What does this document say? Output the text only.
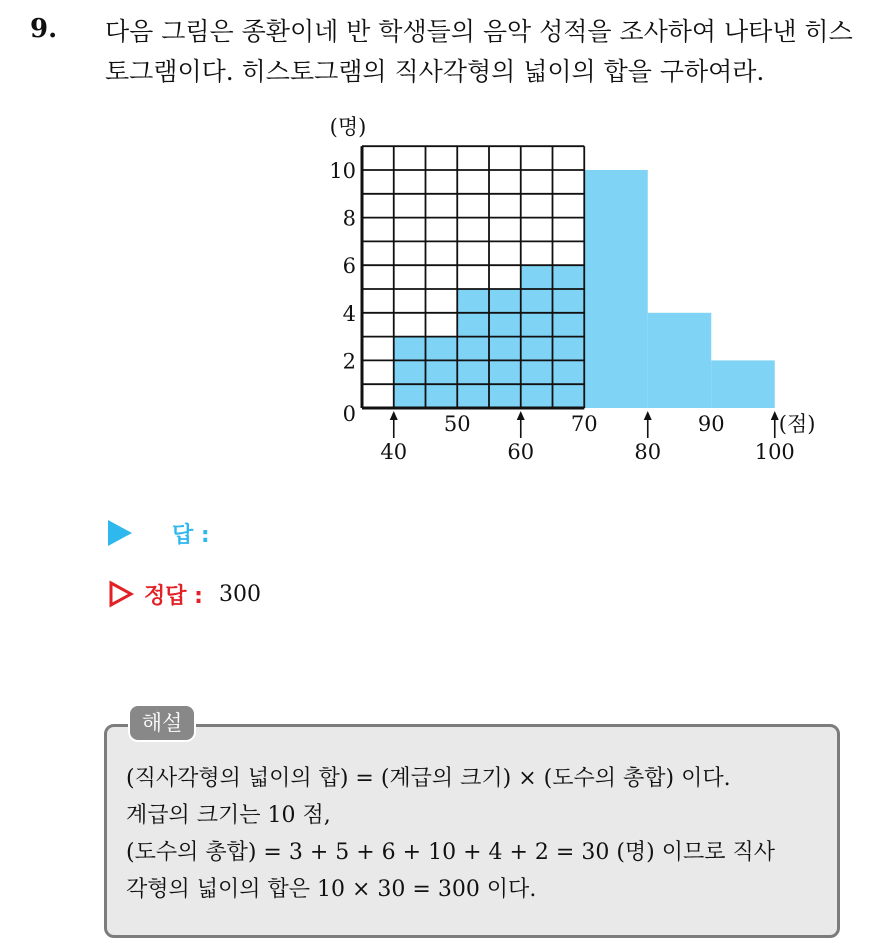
9. 다음 그림은 종환이네 반 학생들의 음악 성적을 조사하여 나타낸 히스토그램이다. 히스토그램의 직사각형의 넓이의 합을 구하여라.
0
2
4
6
8
10
(명)
40	60	80	100
50	70	90	(점)
답 :
정답 : 300
해설
(직사각형의 넓이의 합) = (계급의 크기) × (도수의 총합) 이다.
계급의 크기는 10 점,
(도수의 총합) = 3 + 5 + 6 + 10 + 4 + 2 = 30 (명) 이므로 직사
각형의 넓이의 합은 10 × 30 = 300 이다.
